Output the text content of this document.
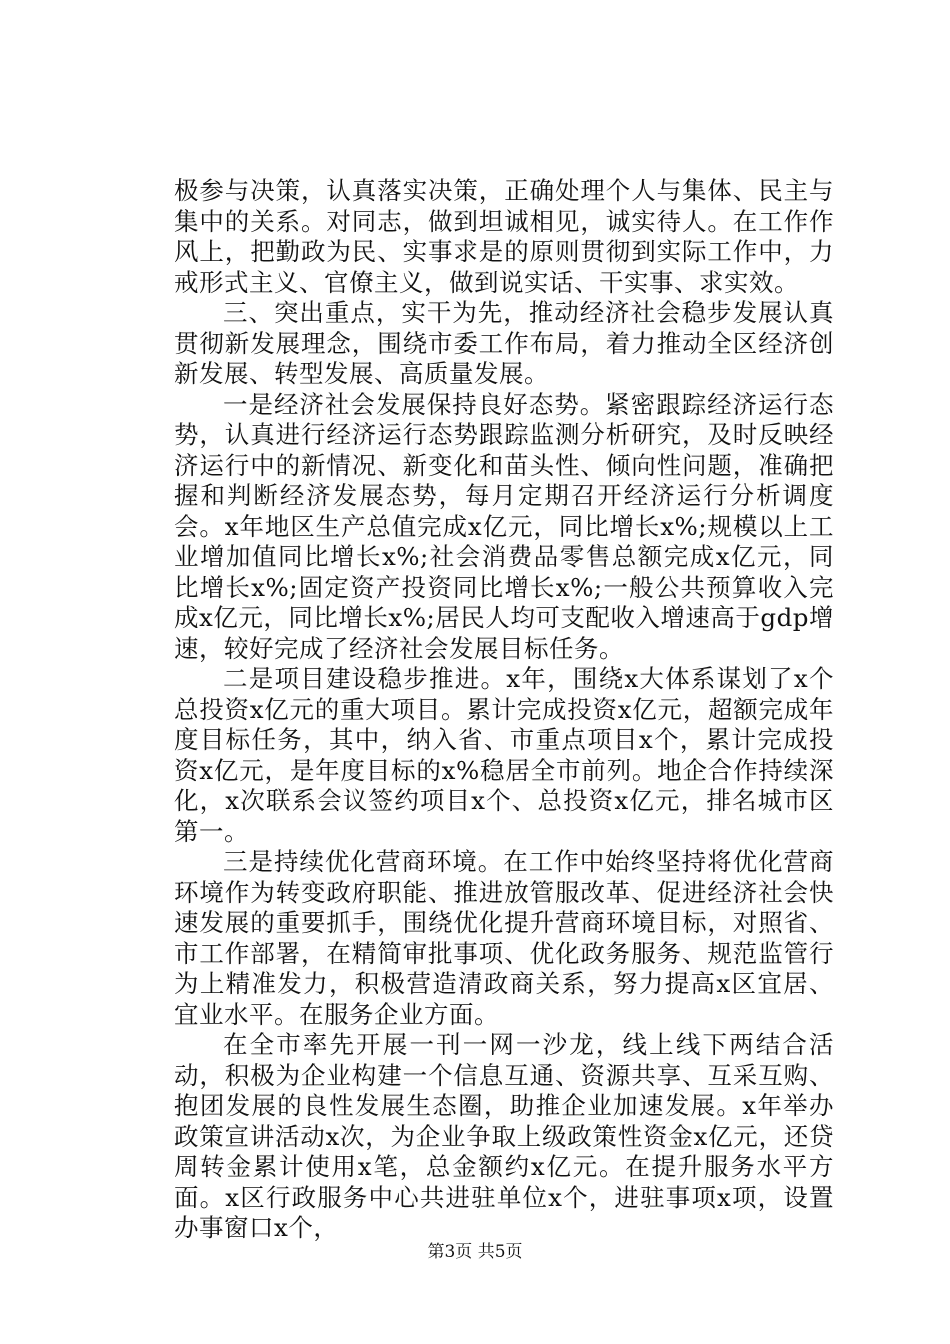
极参与决策，认真落实决策，正确处理个人与集体、民主与集中的关系。对同志，做到坦诚相见，诚实待人。在工作作风上，把勤政为民、实事求是的原则贯彻到实际工作中，力戒形式主义、官僚主义，做到说实话、干实事、求实效。

三、突出重点，实干为先，推动经济社会稳步发展认真贯彻新发展理念，围绕市委工作布局，着力推动全区经济创新发展、转型发展、高质量发展。

一是经济社会发展保持良好态势。紧密跟踪经济运行态势，认真进行经济运行态势跟踪监测分析研究，及时反映经济运行中的新情况、新变化和苗头性、倾向性问题，准确把握和判断经济发展态势，每月定期召开经济运行分析调度会。x年地区生产总值完成x亿元，同比增长x%;规模以上工业增加值同比增长x%;社会消费品零售总额完成x亿元，同比增长x%;固定资产投资同比增长x%;一般公共预算收入完成x亿元，同比增长x%;居民人均可支配收入增速高于gdp增速，较好完成了经济社会发展目标任务。

二是项目建设稳步推进。x年，围绕x大体系谋划了x个总投资x亿元的重大项目。累计完成投资x亿元，超额完成年度目标任务，其中，纳入省、市重点项目x个，累计完成投资x亿元，是年度目标的x%稳居全市前列。地企合作持续深化，x次联系会议签约项目x个、总投资x亿元，排名城市区第一。

三是持续优化营商环境。在工作中始终坚持将优化营商环境作为转变政府职能、推进放管服改革、促进经济社会快速发展的重要抓手，围绕优化提升营商环境目标，对照省、市工作部署，在精简审批事项、优化政务服务、规范监管行为上精准发力，积极营造清政商关系，努力提高x区宜居、宜业水平。在服务企业方面。

在全市率先开展一刊一网一沙龙，线上线下两结合活动，积极为企业构建一个信息互通、资源共享、互采互购、抱团发展的良性发展生态圈，助推企业加速发展。x年举办政策宣讲活动x次，为企业争取上级政策性资金x亿元，还贷周转金累计使用x笔，总金额约x亿元。在提升服务水平方面。x区行政服务中心共进驻单位x个，进驻事项x项，设置办事窗口x个，

第3页 共5页
